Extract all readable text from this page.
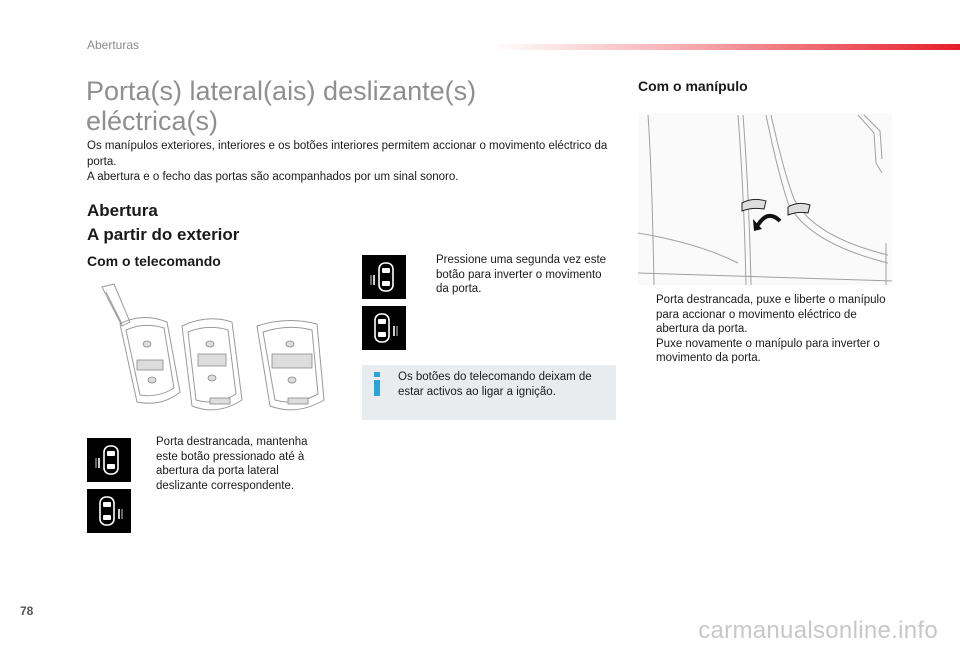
Aberturas
Porta(s) lateral(ais) deslizante(s)
eléctrica(s)

Os manípulos exteriores, interiores e os botões interiores permitem accionar o movimento eléctrico da porta.

A abertura e o fecho das portas são acompanhados por um sinal sonoro.

Abertura
A partir do exterior
Com o telecomando
Com o manípulo
Porta destrancada, mantenha este botão pressionado até à abertura da porta lateral deslizante correspondente.
Pressione uma segunda vez este botão para inverter o movimento da porta.
Os botões do telecomando deixam de estar activos ao ligar a ignição.
Porta destrancada, puxe e liberte o manípulo para accionar o movimento eléctrico de abertura da porta.
Puxe novamente o manípulo para inverter o movimento da porta.
78
carmanualsonline.info
